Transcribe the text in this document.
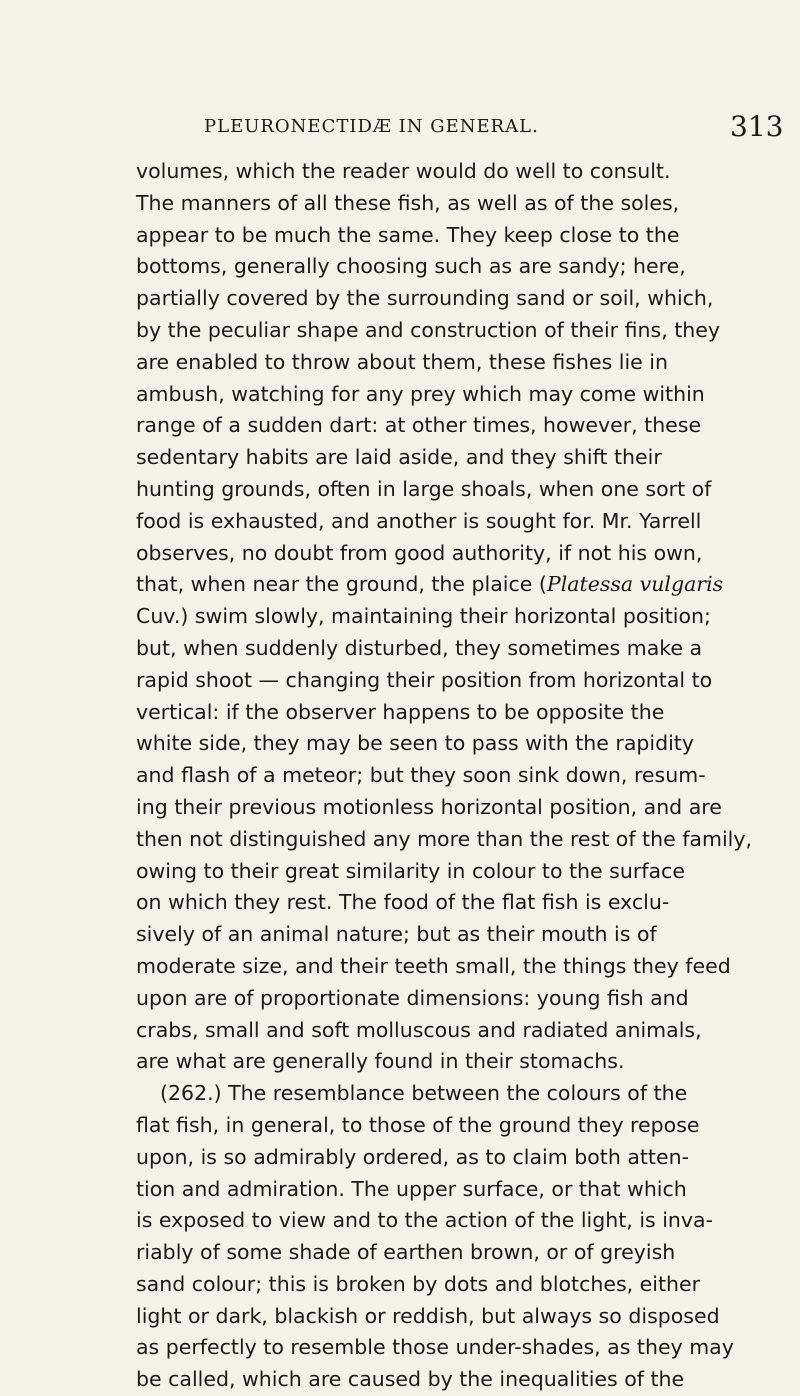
PLEURONECTIDÆ IN GENERAL.	313
volumes, which the reader would do well to consult.
The manners of all these fish, as well as of the soles,
appear to be much the same. They keep close to the
bottoms, generally choosing such as are sandy; here,
partially covered by the surrounding sand or soil, which,
by the peculiar shape and construction of their fins, they
are enabled to throw about them, these fishes lie in
ambush, watching for any prey which may come within
range of a sudden dart: at other times, however, these
sedentary habits are laid aside, and they shift their
hunting grounds, often in large shoals, when one sort of
food is exhausted, and another is sought for. Mr. Yarrell
observes, no doubt from good authority, if not his own,
that, when near the ground, the plaice (Platessa vulgaris
Cuv.) swim slowly, maintaining their horizontal position;
but, when suddenly disturbed, they sometimes make a
rapid shoot — changing their position from horizontal to
vertical: if the observer happens to be opposite the
white side, they may be seen to pass with the rapidity
and flash of a meteor; but they soon sink down, resum-
ing their previous motionless horizontal position, and are
then not distinguished any more than the rest of the family,
owing to their great similarity in colour to the surface
on which they rest. The food of the flat fish is exclu-
sively of an animal nature; but as their mouth is of
moderate size, and their teeth small, the things they feed
upon are of proportionate dimensions: young fish and
crabs, small and soft molluscous and radiated animals,
are what are generally found in their stomachs.
(262.) The resemblance between the colours of the
flat fish, in general, to those of the ground they repose
upon, is so admirably ordered, as to claim both atten-
tion and admiration. The upper surface, or that which
is exposed to view and to the action of the light, is inva-
riably of some shade of earthen brown, or of greyish
sand colour; this is broken by dots and blotches, either
light or dark, blackish or reddish, but always so disposed
as perfectly to resemble those under-shades, as they may
be called, which are caused by the inequalities of the
